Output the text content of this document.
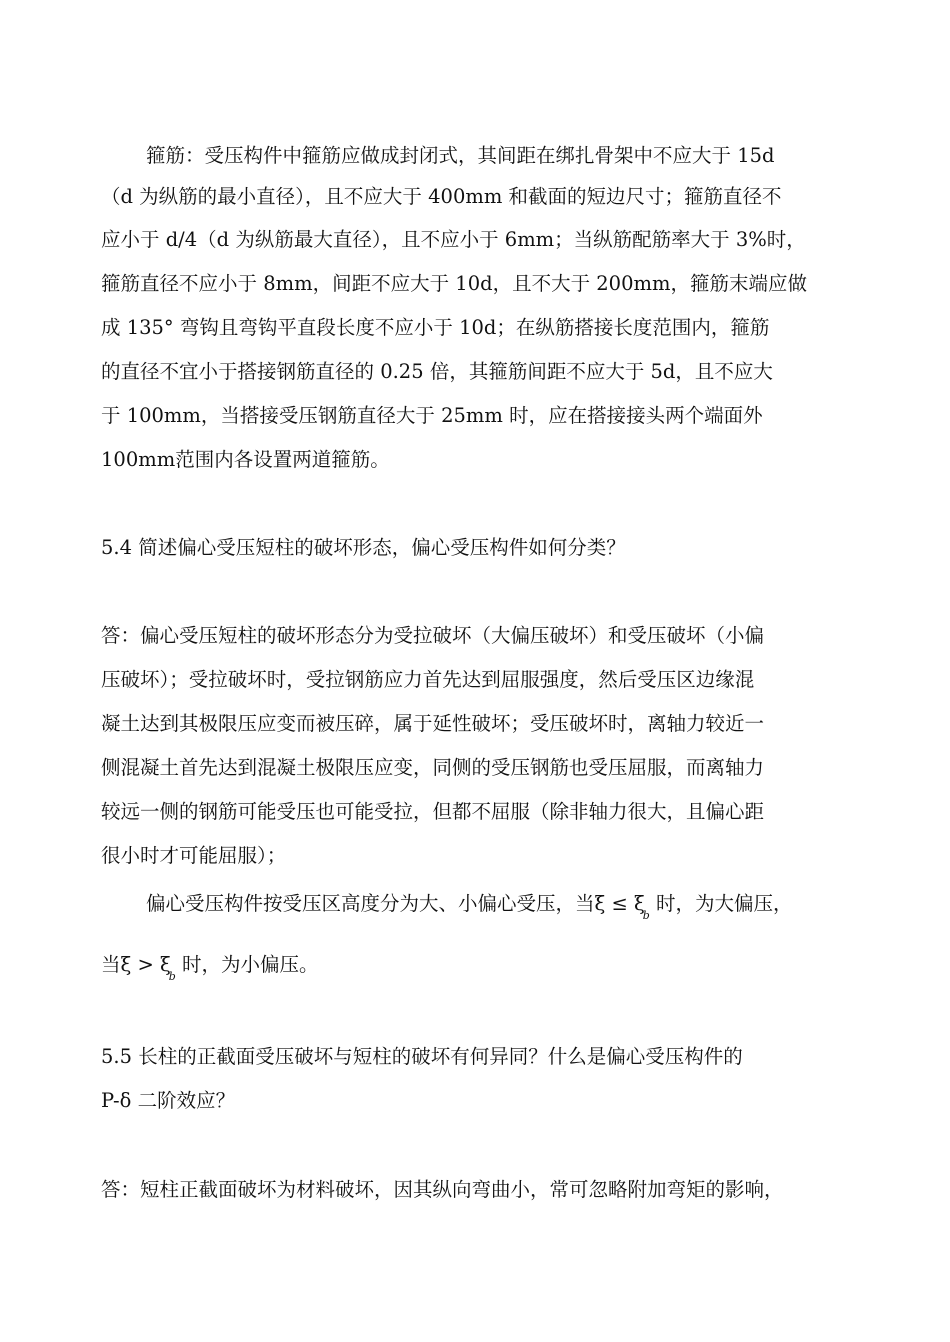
箍筋：受压构件中箍筋应做成封闭式，其间距在绑扎骨架中不应大于 15d
（d 为纵筋的最小直径），且不应大于 400mm 和截面的短边尺寸；箍筋直径不
应小于 d/4（d 为纵筋最大直径），且不应小于 6mm；当纵筋配筋率大于 3%时，
箍筋直径不应小于 8mm，间距不应大于 10d，且不大于 200mm，箍筋末端应做
成 135° 弯钩且弯钩平直段长度不应小于 10d；在纵筋搭接长度范围内，箍筋
的直径不宜小于搭接钢筋直径的 0.25 倍，其箍筋间距不应大于 5d，且不应大
于 100mm，当搭接受压钢筋直径大于 25mm 时，应在搭接接头两个端面外
100mm范围内各设置两道箍筋。
5.4 简述偏心受压短柱的破坏形态，偏心受压构件如何分类？
答：偏心受压短柱的破坏形态分为受拉破坏（大偏压破坏）和受压破坏（小偏
压破坏）；受拉破坏时，受拉钢筋应力首先达到屈服强度，然后受压区边缘混
凝土达到其极限压应变而被压碎，属于延性破坏；受压破坏时，离轴力较近一
侧混凝土首先达到混凝土极限压应变，同侧的受压钢筋也受压屈服，而离轴力
较远一侧的钢筋可能受压也可能受拉，但都不屈服（除非轴力很大，且偏心距
很小时才可能屈服）；
偏心受压构件按受压区高度分为大、小偏心受压，当$\xi \le \xi_b$ 时，为大偏压，
当$\xi > \xi_b$ 时，为小偏压。
5.5 长柱的正截面受压破坏与短柱的破坏有何异同？什么是偏心受压构件的
P-δ 二阶效应？
答：短柱正截面破坏为材料破坏，因其纵向弯曲小，常可忽略附加弯矩的影响，
